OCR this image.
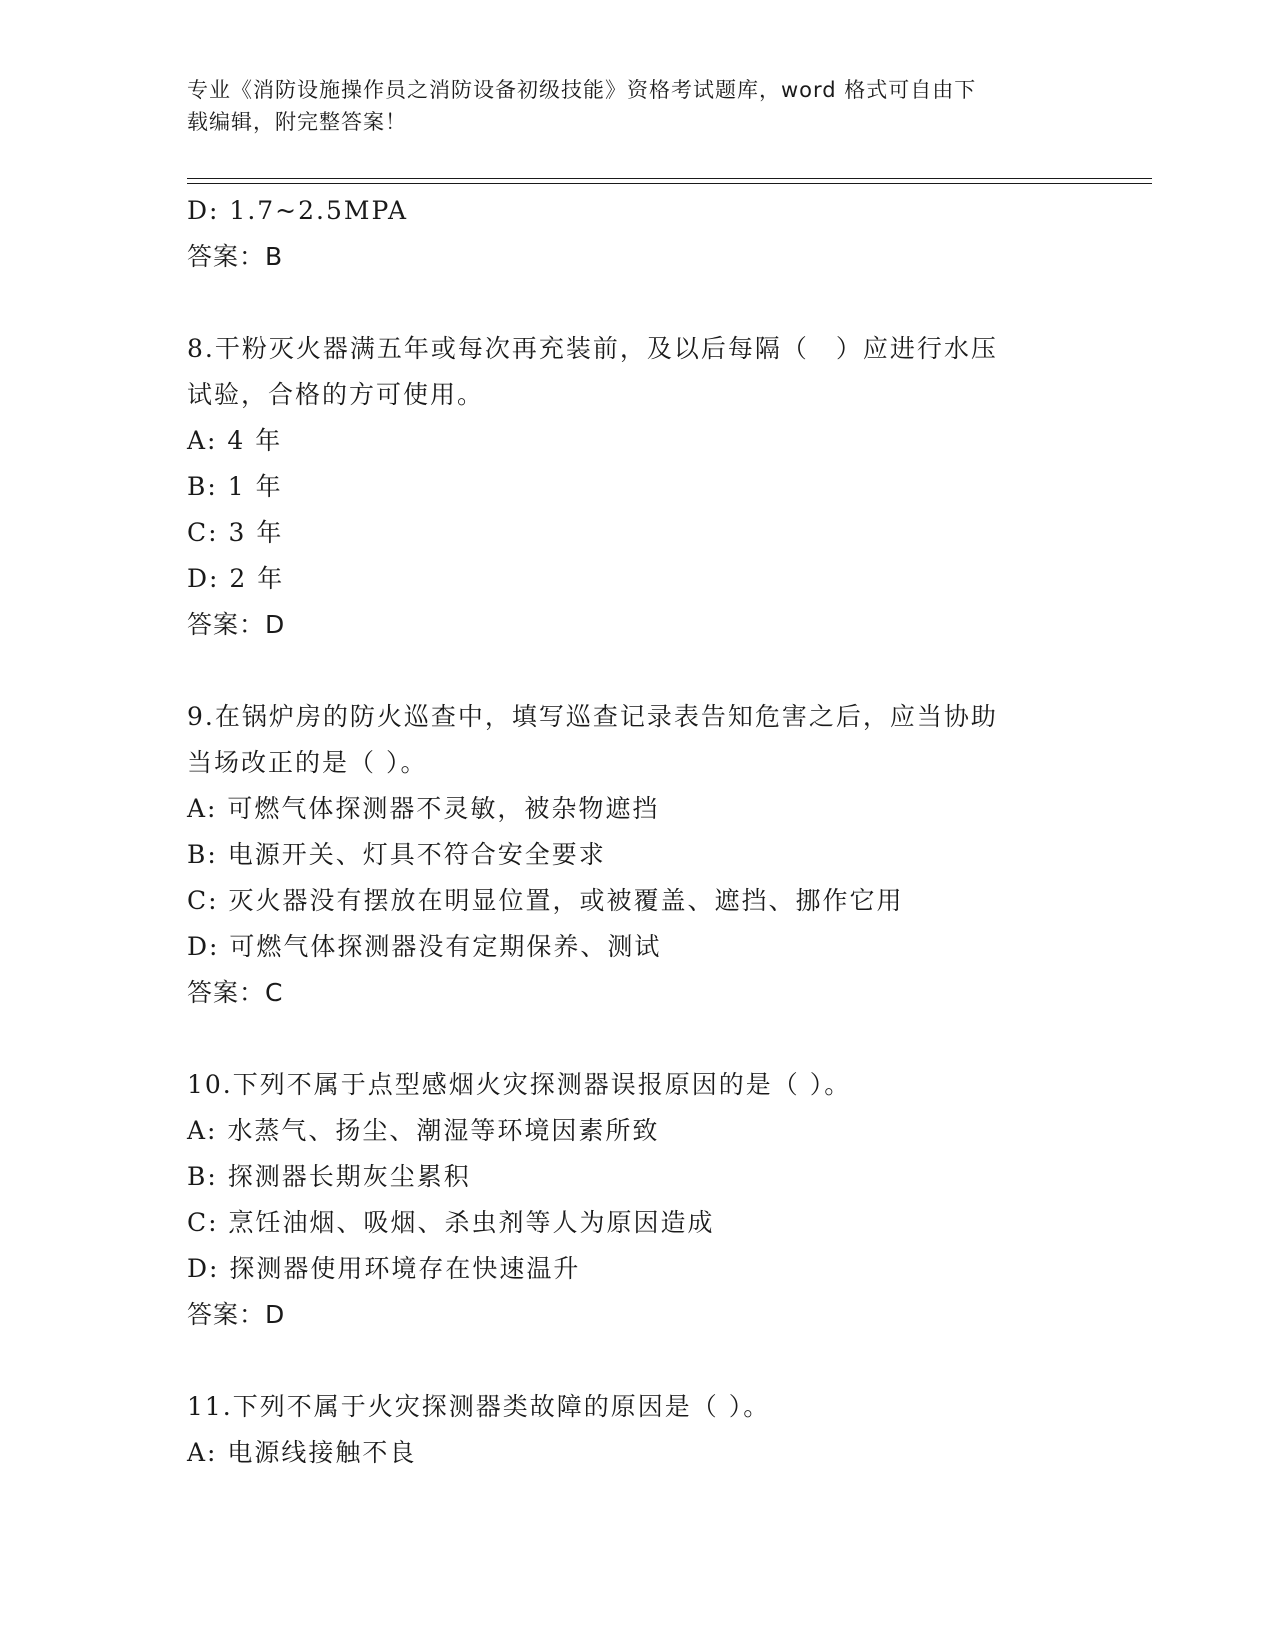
专业《消防设施操作员之消防设备初级技能》资格考试题库，word 格式可自由下
载编辑，附完整答案！
D: 1.7~2.5MPA
答案：B
8.干粉灭火器满五年或每次再充装前，及以后每隔（　）应进行水压
试验，合格的方可使用。
A: 4 年
B: 1 年
C: 3 年
D: 2 年
答案：D
9.在锅炉房的防火巡查中，填写巡查记录表告知危害之后，应当协助
当场改正的是（ ）。
A: 可燃气体探测器不灵敏，被杂物遮挡
B: 电源开关、灯具不符合安全要求
C: 灭火器没有摆放在明显位置，或被覆盖、遮挡、挪作它用
D: 可燃气体探测器没有定期保养、测试
答案：C
10.下列不属于点型感烟火灾探测器误报原因的是（ ）。
A: 水蒸气、扬尘、潮湿等环境因素所致
B: 探测器长期灰尘累积
C: 烹饪油烟、吸烟、杀虫剂等人为原因造成
D: 探测器使用环境存在快速温升
答案：D
11.下列不属于火灾探测器类故障的原因是（ ）。
A: 电源线接触不良
